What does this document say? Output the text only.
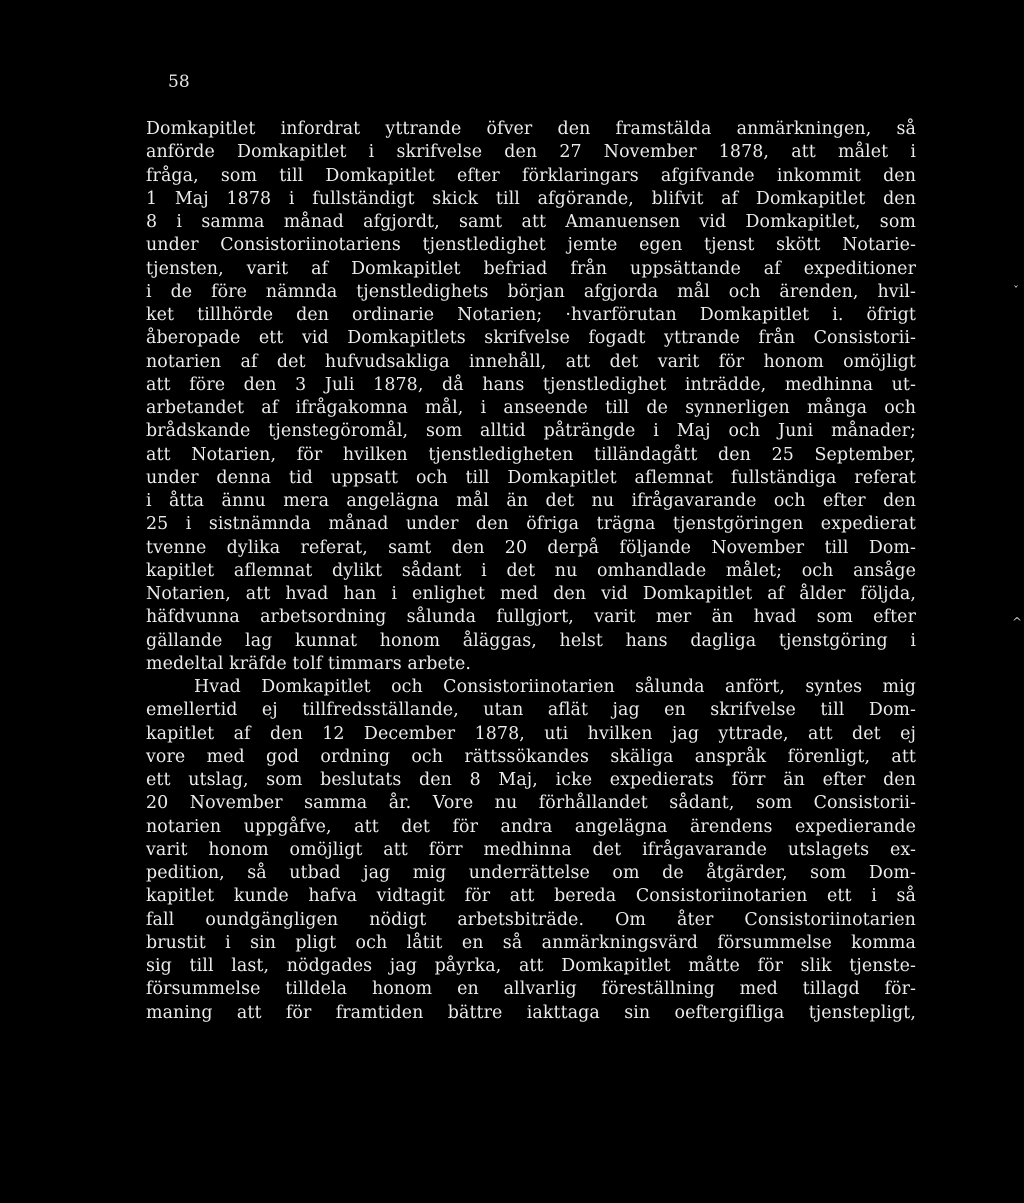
58
Domkapitlet infordrat yttrande öfver den framstälda anmärkningen, så
anförde Domkapitlet i skrifvelse den 27 November 1878, att målet i
fråga, som till Domkapitlet efter förklaringars afgifvande inkommit den
1 Maj 1878 i fullständigt skick till afgörande, blifvit af Domkapitlet den
8 i samma månad afgjordt, samt att Amanuensen vid Domkapitlet, som
under Consistoriinotariens tjenstledighet jemte egen tjenst skött Notarie-
tjensten, varit af Domkapitlet befriad från uppsättande af expeditioner
i de före nämnda tjenstledighets början afgjorda mål och ärenden, hvil-
ket tillhörde den ordinarie Notarien; ·hvarförutan Domkapitlet i. öfrigt
åberopade ett vid Domkapitlets skrifvelse fogadt yttrande från Consistorii-
notarien af det hufvudsakliga innehåll, att det varit för honom omöjligt
att före den 3 Juli 1878, då hans tjenstledighet inträdde, medhinna ut-
arbetandet af ifrågakomna mål, i anseende till de synnerligen många och
brådskande tjenstegöromål, som alltid påträngde i Maj och Juni månader;
att Notarien, för hvilken tjenstledigheten tilländagått den 25 September,
under denna tid uppsatt och till Domkapitlet aflemnat fullständiga referat
i åtta ännu mera angelägna mål än det nu ifrågavarande och efter den
25 i sistnämnda månad under den öfriga trägna tjenstgöringen expedierat
tvenne dylika referat, samt den 20 derpå följande November till Dom-
kapitlet aflemnat dylikt sådant i det nu omhandlade målet; och ansåge
Notarien, att hvad han i enlighet med den vid Domkapitlet af ålder följda,
häfdvunna arbetsordning sålunda fullgjort, varit mer än hvad som efter
gällande lag kunnat honom åläggas, helst hans dagliga tjenstgöring i
medeltal kräfde tolf timmars arbete.
Hvad Domkapitlet och Consistoriinotarien sålunda anfört, syntes mig
emellertid ej tillfredsställande, utan aflät jag en skrifvelse till Dom-
kapitlet af den 12 December 1878, uti hvilken jag yttrade, att det ej
vore med god ordning och rättssökandes skäliga anspråk förenligt, att
ett utslag, som beslutats den 8 Maj, icke expedierats förr än efter den
20 November samma år. Vore nu förhållandet sådant, som Consistorii-
notarien uppgåfve, att det för andra angelägna ärendens expedierande
varit honom omöjligt att förr medhinna det ifrågavarande utslagets ex-
pedition, så utbad jag mig underrättelse om de åtgärder, som Dom-
kapitlet kunde hafva vidtagit för att bereda Consistoriinotarien ett i så
fall oundgängligen nödigt arbetsbiträde. Om åter Consistoriinotarien
brustit i sin pligt och låtit en så anmärkningsvärd försummelse komma
sig till last, nödgades jag påyrka, att Domkapitlet måtte för slik tjenste-
försummelse tilldela honom en allvarlig föreställning med tillagd för-
maning att för framtiden bättre iakttaga sin oeftergifliga tjenstepligt,
ˇ
^
